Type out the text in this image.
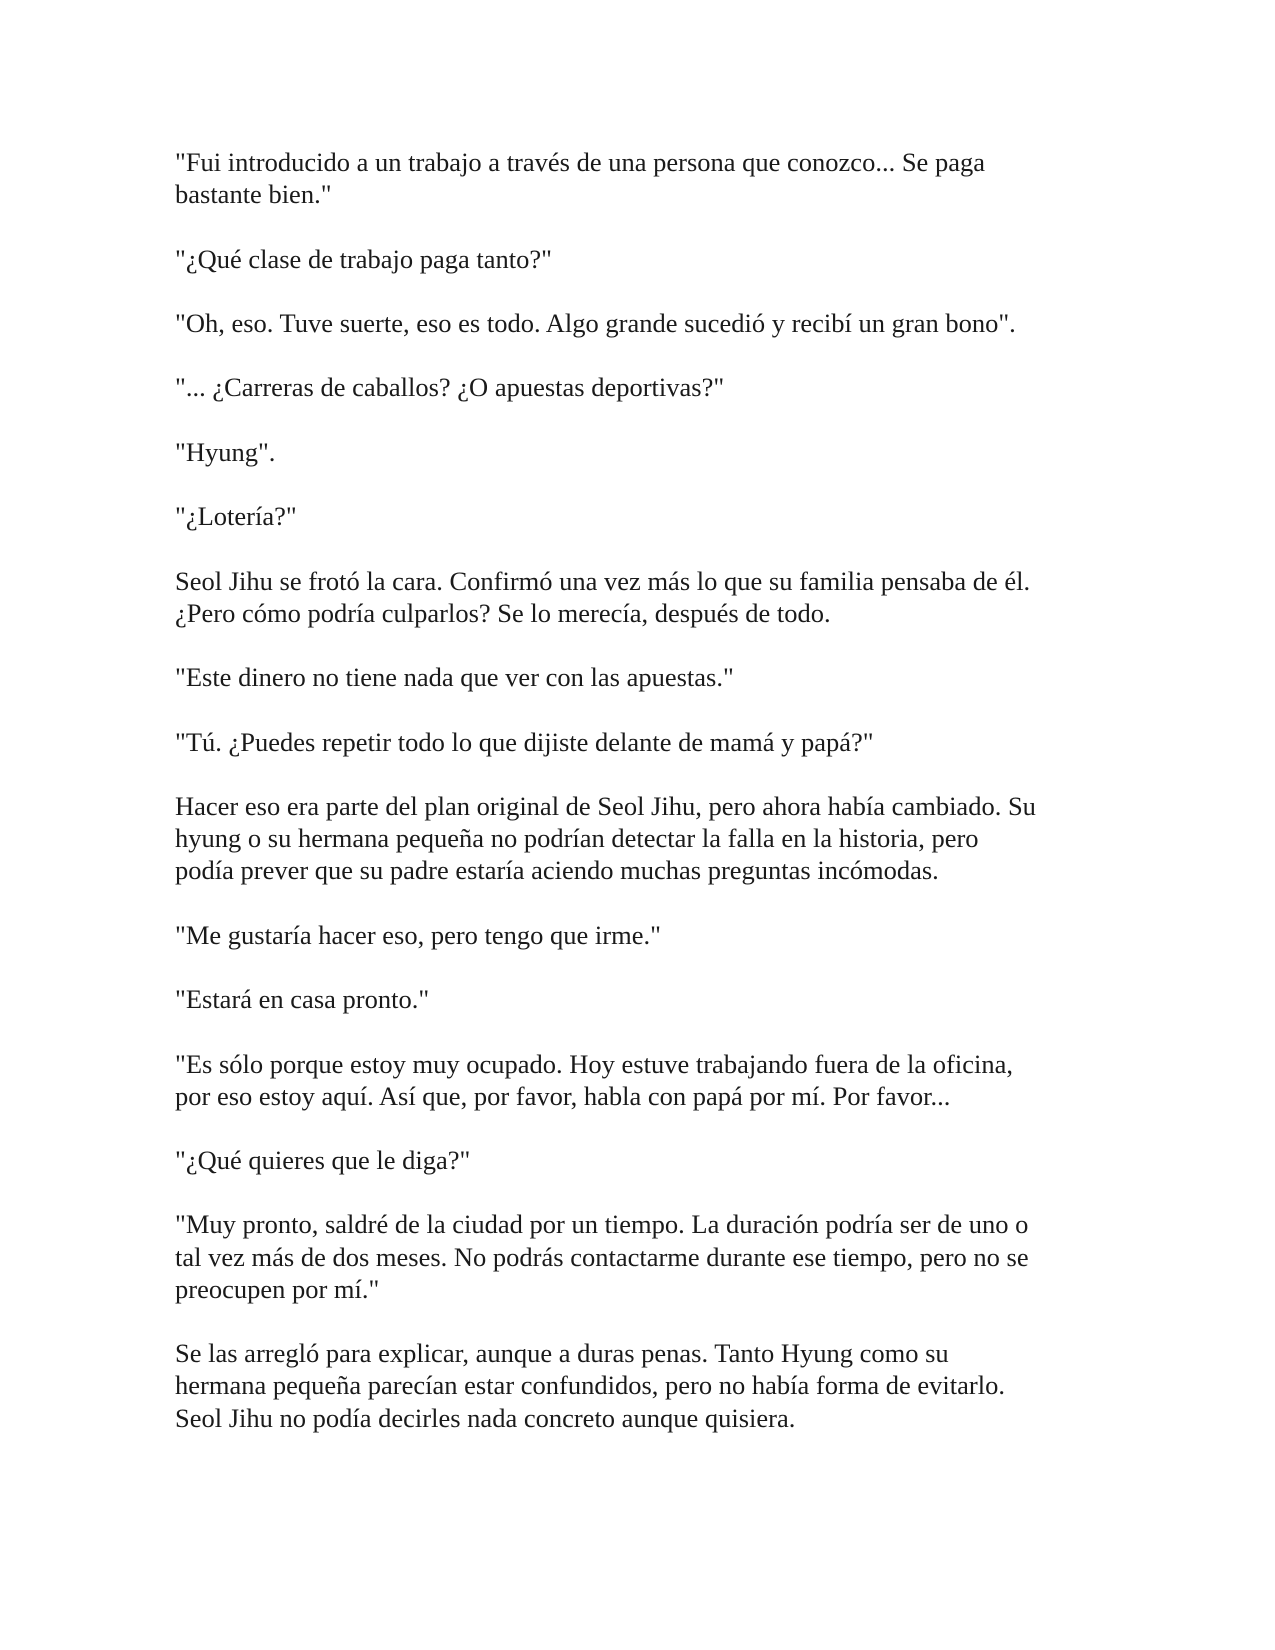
"Fui introducido a un trabajo a través de una persona que conozco... Se paga
bastante bien."

"¿Qué clase de trabajo paga tanto?"

"Oh, eso. Tuve suerte, eso es todo. Algo grande sucedió y recibí un gran bono".

"... ¿Carreras de caballos? ¿O apuestas deportivas?"

"Hyung".

"¿Lotería?"

Seol Jihu se frotó la cara. Confirmó una vez más lo que su familia pensaba de él.
¿Pero cómo podría culparlos? Se lo merecía, después de todo.

"Este dinero no tiene nada que ver con las apuestas."

"Tú. ¿Puedes repetir todo lo que dijiste delante de mamá y papá?"

Hacer eso era parte del plan original de Seol Jihu, pero ahora había cambiado. Su
hyung o su hermana pequeña no podrían detectar la falla en la historia, pero
podía prever que su padre estaría aciendo muchas preguntas incómodas.

"Me gustaría hacer eso, pero tengo que irme."

"Estará en casa pronto."

"Es sólo porque estoy muy ocupado. Hoy estuve trabajando fuera de la oficina,
por eso estoy aquí. Así que, por favor, habla con papá por mí. Por favor...

"¿Qué quieres que le diga?"

"Muy pronto, saldré de la ciudad por un tiempo. La duración podría ser de uno o
tal vez más de dos meses. No podrás contactarme durante ese tiempo, pero no se
preocupen por mí."

Se las arregló para explicar, aunque a duras penas. Tanto Hyung como su
hermana pequeña parecían estar confundidos, pero no había forma de evitarlo.
Seol Jihu no podía decirles nada concreto aunque quisiera.
